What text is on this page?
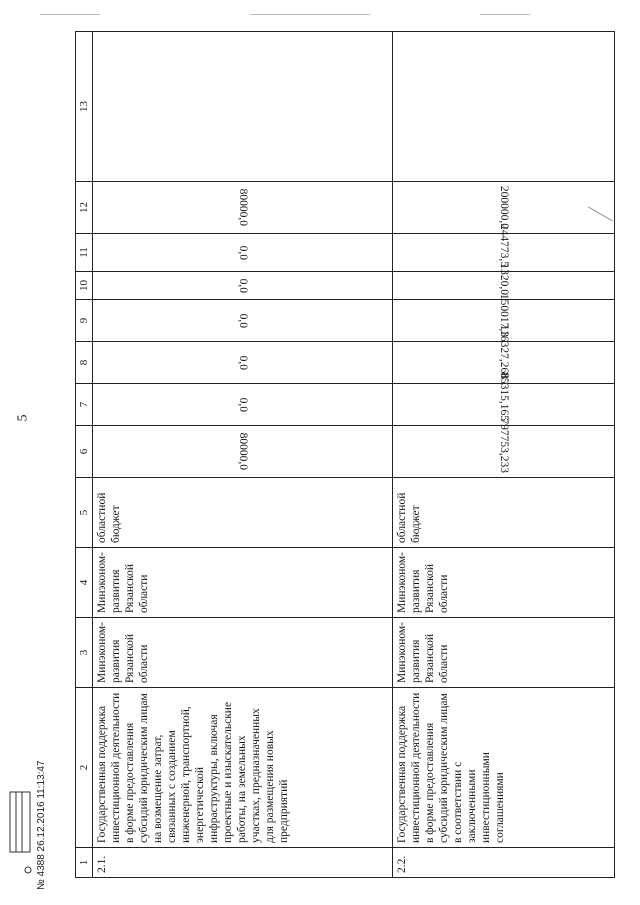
5
№ 4388 26.12.2016 11:13:47	1	2	3	4	5	6	7	8	9	10	11	12	13
2.1.	Государственная поддержка инвестиционной деятельности в форме предоставления субсидий юридическим лицам на возмещение затрат, связанных с созданием инженерной, транспортной, энергетической инфраструктуры, включая проектные и изыскательские работы, на земельных участках, предназначенных для размещения новых предприятий	Минэконом-развития Рязанской области	Минэконом-развития Рязанской области	областной бюджет	80000,0	0,0	0,0	0,0	0,0	0,0	80000,0	
2.2.	Государственная поддержка инвестиционной деятельности в форме предоставления субсидий юридическим лицам в соответствии с заключенными инвестиционными соглашениями	Минэконом-развития Рязанской области	Минэконом-развития Рязанской области	областной бюджет	797753,233	85315,165	116327,268	150017,3	1320,0	244773,5	200000,0	
